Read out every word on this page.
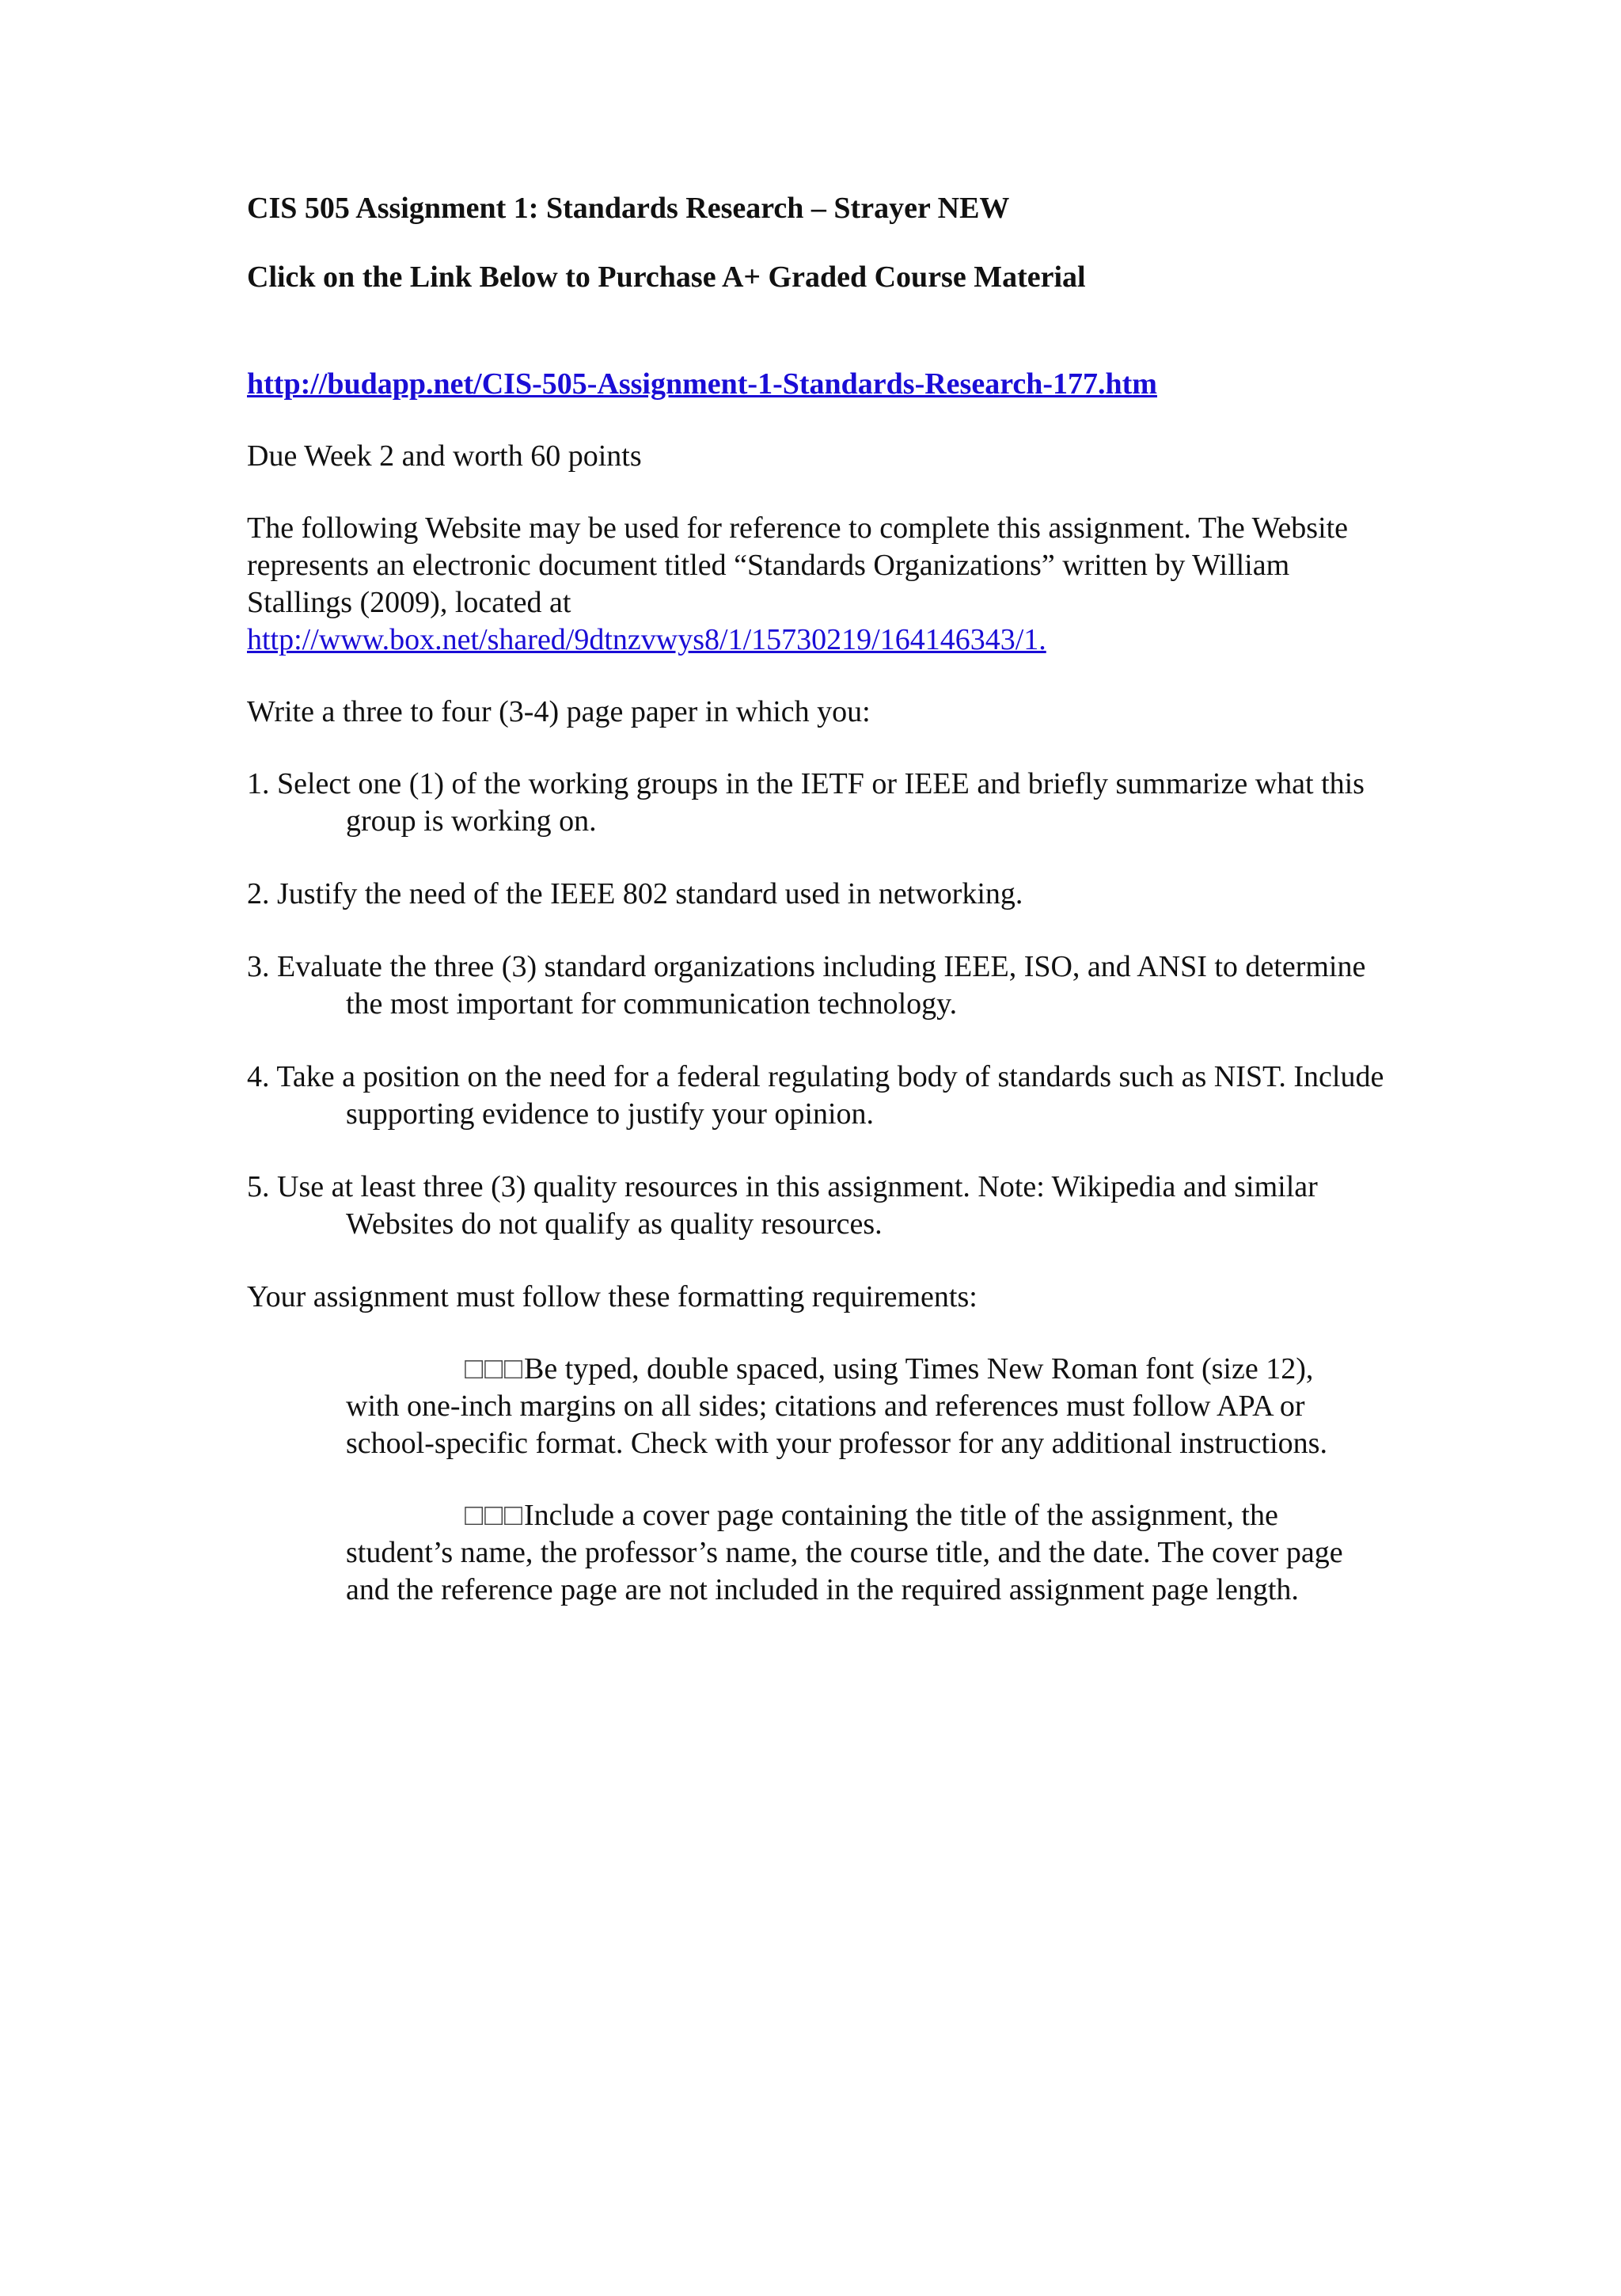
CIS 505 Assignment 1: Standards Research – Strayer NEW
Click on the Link Below to Purchase A+ Graded Course Material
http://budapp.net/CIS-505-Assignment-1-Standards-Research-177.htm

Due Week 2 and worth 60 points

The following Website may be used for reference to complete this assignment. The Website represents an electronic document titled “Standards Organizations” written by William Stallings (2009), located at
http://www.box.net/shared/9dtnzvwys8/1/15730219/164146343/1.

Write a three to four (3-4) page paper in which you:

1. Select one (1) of the working groups in the IETF or IEEE and briefly summarize what this group is working on.
2. Justify the need of the IEEE 802 standard used in networking.
3. Evaluate the three (3) standard organizations including IEEE, ISO, and ANSI to determine the most important for communication technology.
4. Take a position on the need for a federal regulating body of standards such as NIST. Include supporting evidence to justify your opinion.
5. Use at least three (3) quality resources in this assignment. Note: Wikipedia and similar Websites do not qualify as quality resources.

Your assignment must follow these formatting requirements:

□□□Be typed, double spaced, using Times New Roman font (size 12), with one-inch margins on all sides; citations and references must follow APA or school-specific format. Check with your professor for any additional instructions.
□□□Include a cover page containing the title of the assignment, the student’s name, the professor’s name, the course title, and the date. The cover page and the reference page are not included in the required assignment page length.
